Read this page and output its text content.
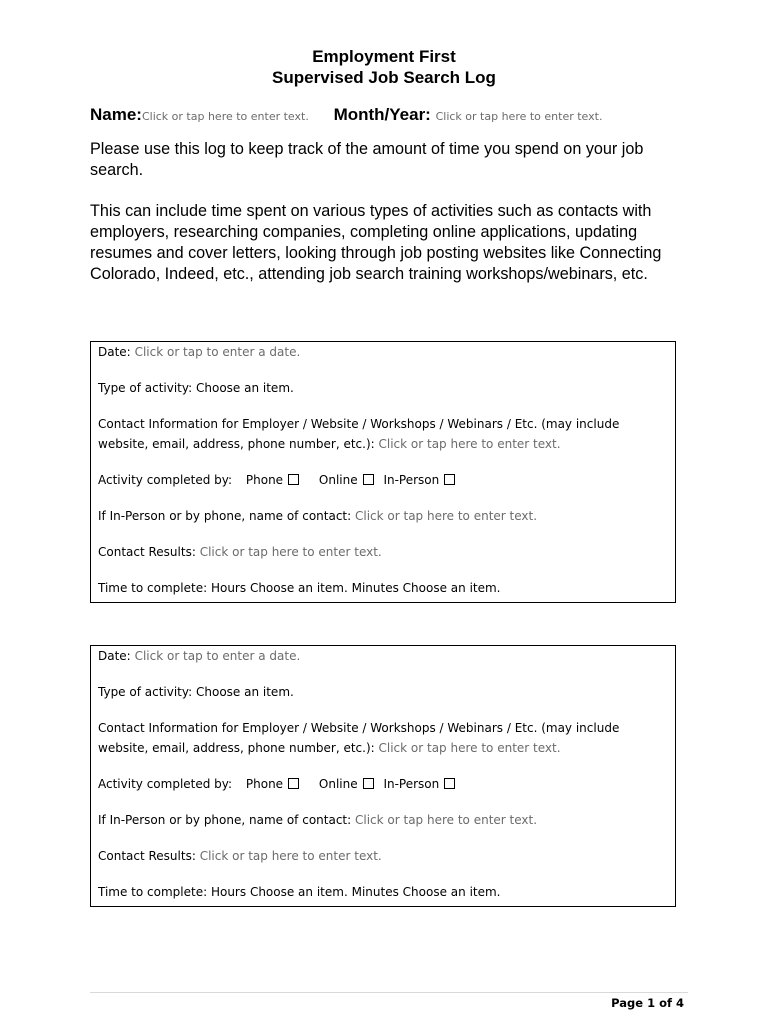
Employment First
Supervised Job Search Log
Name:Click or tap here to enter text. Month/Year: Click or tap here to enter text.
Please use this log to keep track of the amount of time you spend on your job search.
This can include time spent on various types of activities such as contacts with employers, researching companies, completing online applications, updating resumes and cover letters, looking through job posting websites like Connecting Colorado, Indeed, etc., attending job search training workshops/webinars, etc.
Date: Click or tap to enter a date.
Type of activity: Choose an item.
Contact Information for Employer / Website / Workshops / Webinars / Etc. (may include
website, email, address, phone number, etc.): Click or tap here to enter text.
Activity completed by: Phone	Online In-Person
If In-Person or by phone, name of contact: Click or tap here to enter text.
Contact Results: Click or tap here to enter text.
Time to complete: Hours Choose an item. Minutes Choose an item.
Date: Click or tap to enter a date.
Type of activity: Choose an item.
Contact Information for Employer / Website / Workshops / Webinars / Etc. (may include
website, email, address, phone number, etc.): Click or tap here to enter text.
Activity completed by: Phone	Online In-Person
If In-Person or by phone, name of contact: Click or tap here to enter text.
Contact Results: Click or tap here to enter text.
Time to complete: Hours Choose an item. Minutes Choose an item.
Page 1 of 4
